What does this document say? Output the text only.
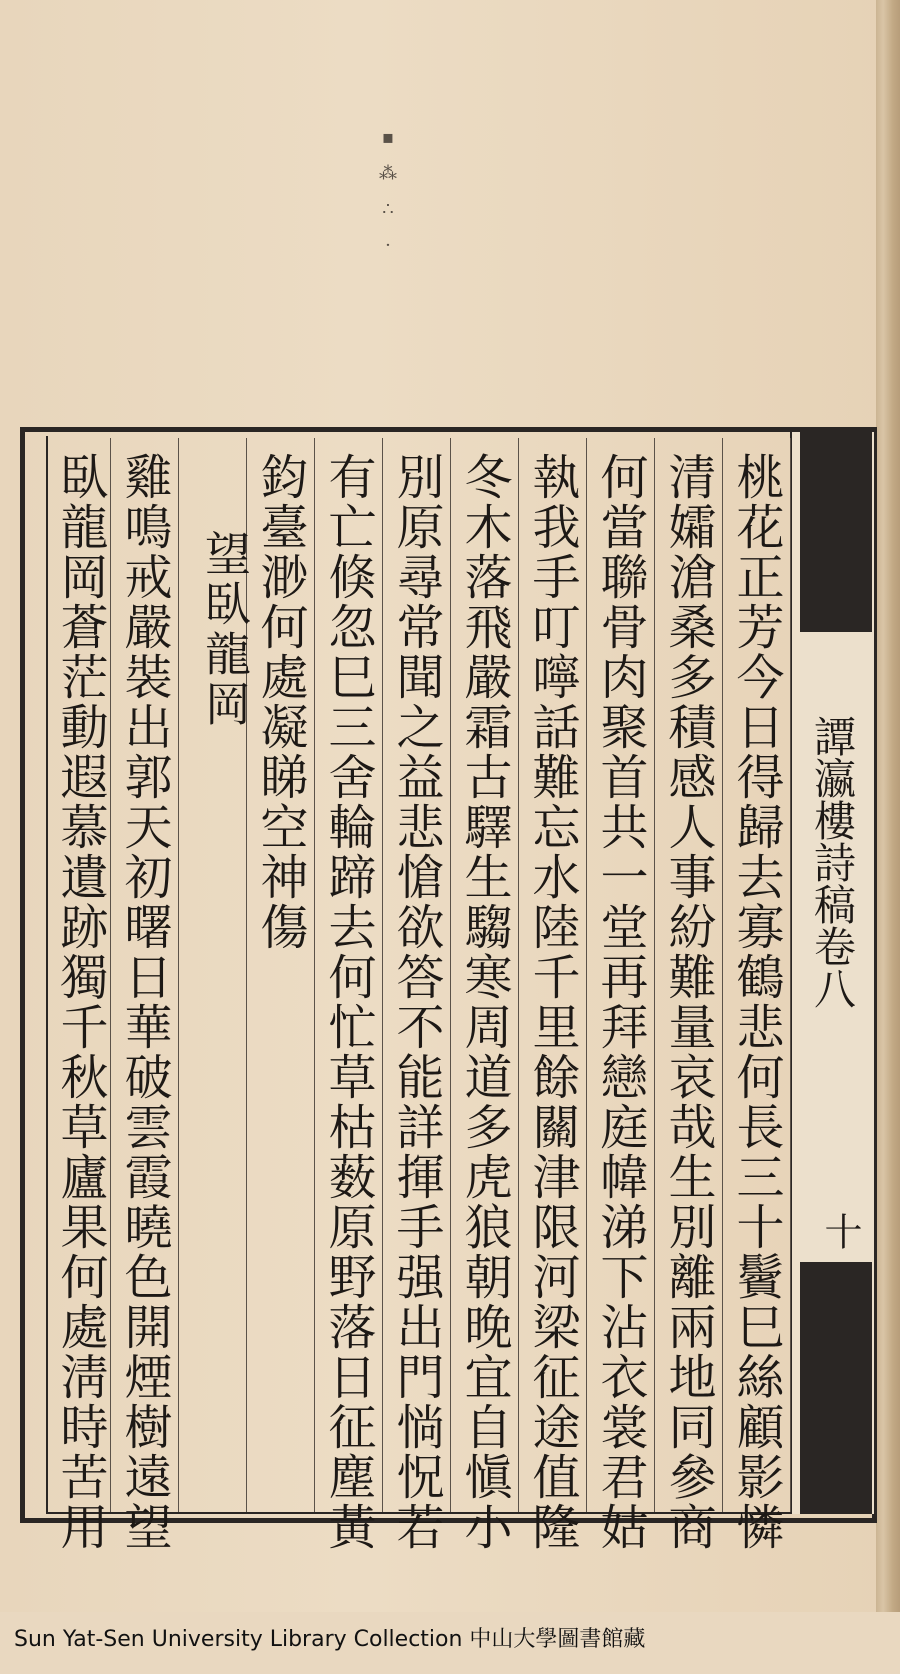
▪
⁂
∴
·
譚瀛樓詩稿卷八
十
桃花正芳今日得歸去寡鶴悲何長三十鬢巳絲顧影憐
清孀滄桑多積感人事紛難量哀哉生別離兩地同參商
何當聯骨肉聚首共一堂再拜戀庭幃涕下沾衣裳君姑
執我手叮嚀話難忘水陸千里餘關津限河梁征途值隆
冬木落飛嚴霜古驛生騶寒周道多虎狼朝晚宜自愼小
別原尋常聞之益悲愴欲答不能詳揮手强出門惝怳若
有亡倏忽巳三舍輪蹄去何忙草枯薮原野落日征塵黃
鈞臺渺何處凝睇空神傷
望臥龍岡
雞鳴戒嚴裝出郭天初曙日華破雲霞曉色開煙樹遠望
臥龍岡蒼茫動遐慕遺跡獨千秋草廬果何處淸時苦用
Sun Yat-Sen University Library Collection 中山大學圖書館藏
